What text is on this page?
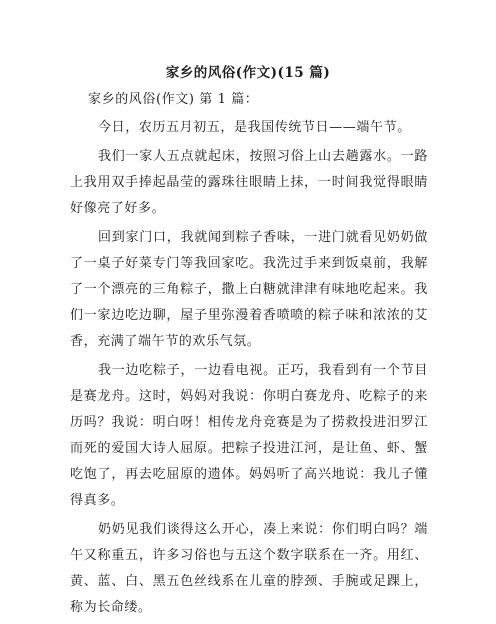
家乡的风俗(作文)(15 篇)
家乡的风俗(作文) 第 1 篇：

今日，农历五月初五，是我国传统节日——端午节。

我们一家人五点就起床，按照习俗上山去趟露水。一路上我用双手捧起晶莹的露珠往眼睛上抹，一时间我觉得眼睛好像亮了好多。

回到家门口，我就闻到粽子香味，一进门就看见奶奶做了一桌子好菜专门等我回家吃。我洗过手来到饭桌前，我解了一个漂亮的三角粽子，撒上白糖就津津有味地吃起来。我们一家边吃边聊，屋子里弥漫着香喷喷的粽子味和浓浓的艾香，充满了端午节的欢乐气氛。

我一边吃粽子，一边看电视。正巧，我看到有一个节目是赛龙舟。这时，妈妈对我说：你明白赛龙舟、吃粽子的来历吗？我说：明白呀！相传龙舟竞赛是为了捞救投进汨罗江而死的爱国大诗人屈原。把粽子投进江河，是让鱼、虾、蟹吃饱了，再去吃屈原的遗体。妈妈听了高兴地说：我儿子懂得真多。

奶奶见我们谈得这么开心，凑上来说：你们明白吗？端午又称重五，许多习俗也与五这个数字联系在一齐。用红、黄、蓝、白、黑五色丝线系在儿童的脖颈、手腕或足踝上，称为长命缕。
